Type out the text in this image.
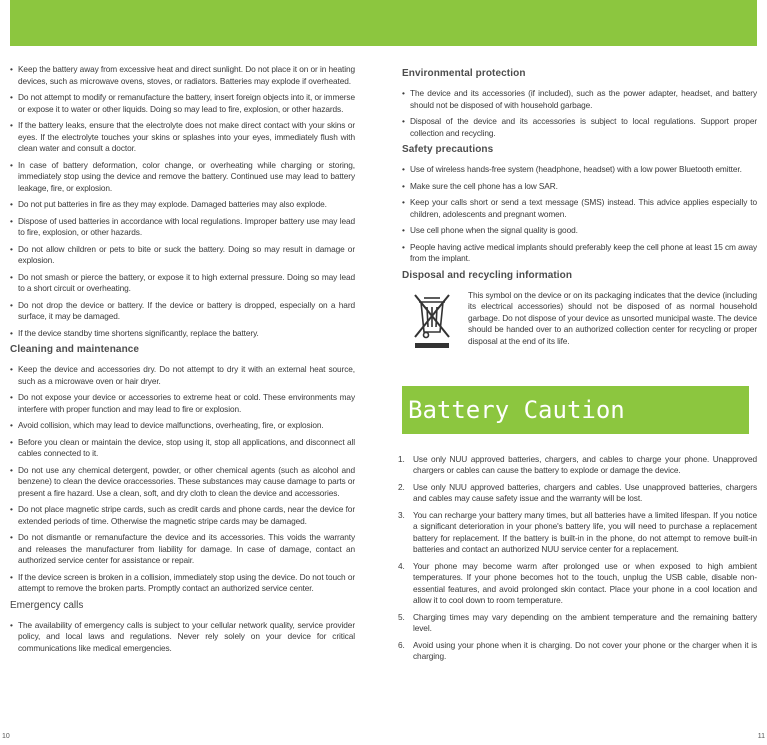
• Keep the battery away from excessive heat and direct sunlight. Do not place it on or in heating devices, such as microwave ovens, stoves, or radiators. Batteries may explode if overheated.
• Do not attempt to modify or remanufacture the battery, insert foreign objects into it, or immerse or expose it to water or other liquids. Doing so may lead to fire, explosion, or other hazards.
• If the battery leaks, ensure that the electrolyte does not make direct contact with your skins or eyes. If the electrolyte touches your skins or splashes into your eyes, immediately flush with clean water and consult a doctor.
• In case of battery deformation, color change, or overheating while charging or storing, immediately stop using the device and remove the battery. Continued use may lead to battery leakage, fire, or explosion.
• Do not put batteries in fire as they may explode. Damaged batteries may also explode.
• Dispose of used batteries in accordance with local regulations. Improper battery use may lead to fire, explosion, or other hazards.
• Do not allow children or pets to bite or suck the battery. Doing so may result in damage or explosion.
• Do not smash or pierce the battery, or expose it to high external pressure. Doing so may lead to a short circuit or overheating.
• Do not drop the device or battery. If the device or battery is dropped, especially on a hard surface, it may be damaged.
• If the device standby time shortens significantly, replace the battery.
Cleaning and maintenance
• Keep the device and accessories dry. Do not attempt to dry it with an external heat source, such as a microwave oven or hair dryer.
• Do not expose your device or accessories to extreme heat or cold. These environments may interfere with proper function and may lead to fire or explosion.
• Avoid collision, which may lead to device malfunctions, overheating, fire, or explosion.
• Before you clean or maintain the device, stop using it, stop all applications, and disconnect all cables connected to it.
• Do not use any chemical detergent, powder, or other chemical agents (such as alcohol and benzene) to clean the device oraccessories. These substances may cause damage to parts or present a fire hazard. Use a clean, soft, and dry cloth to clean the device and accessories.
• Do not place magnetic stripe cards, such as credit cards and phone cards, near the device for extended periods of time. Otherwise the magnetic stripe cards may be damaged.
• Do not dismantle or remanufacture the device and its accessories. This voids the warranty and releases the manufacturer from liability for damage. In case of damage, contact an authorized service center for assistance or repair.
• If the device screen is broken in a collision, immediately stop using the device. Do not touch or attempt to remove the broken parts. Promptly contact an authorized service center.
Emergency calls
• The availability of emergency calls is subject to your cellular network quality, service provider policy, and local laws and regulations. Never rely solely on your device for critical communications like medical emergencies.
Environmental protection
• The device and its accessories (if included), such as the power adapter, headset, and battery should not be disposed of with household garbage.
• Disposal of the device and its accessories is subject to local regulations. Support proper collection and recycling.
Safety precautions
• Use of wireless hands-free system (headphone, headset) with a low power Bluetooth emitter.
• Make sure the cell phone has a low SAR.
• Keep your calls short or send a text message (SMS) instead. This advice applies especially to children, adolescents and pregnant women.
• Use cell phone when the signal quality is good.
• People having active medical implants should preferably keep the cell phone at least 15 cm away from the implant.
Disposal and recycling information

This symbol on the device or on its packaging indicates that the device (including its electrical accessories) should not be disposed of as normal household garbage. Do not dispose of your device as unsorted municipal waste. The device should be handed over to an authorized collection center for recycling or proper disposal at the end of its life.

Battery Caution
1. Use only NUU approved batteries, chargers, and cables to charge your phone. Unapproved chargers or cables can cause the battery to explode or damage the device.
2. Use only NUU approved batteries, chargers and cables. Use unapproved batteries, chargers and cables may cause safety issue and the warranty will be lost.
3. You can recharge your battery many times, but all batteries have a limited lifespan. If you notice a significant deterioration in your phone's battery life, you will need to purchase a replacement battery for replacement. If the battery is built-in in the phone, do not attempt to remove built-in batteries and contact an authorized NUU service center for a replacement.
4. Your phone may become warm after prolonged use or when exposed to high ambient temperatures. If your phone becomes hot to the touch, unplug the USB cable, disable non-essential features, and avoid prolonged skin contact. Place your phone in a cool location and allow it to cool down to room temperature.
5. Charging times may vary depending on the ambient temperature and the remaining battery level.
6. Avoid using your phone when it is charging. Do not cover your phone or the charger when it is charging.
10	11
